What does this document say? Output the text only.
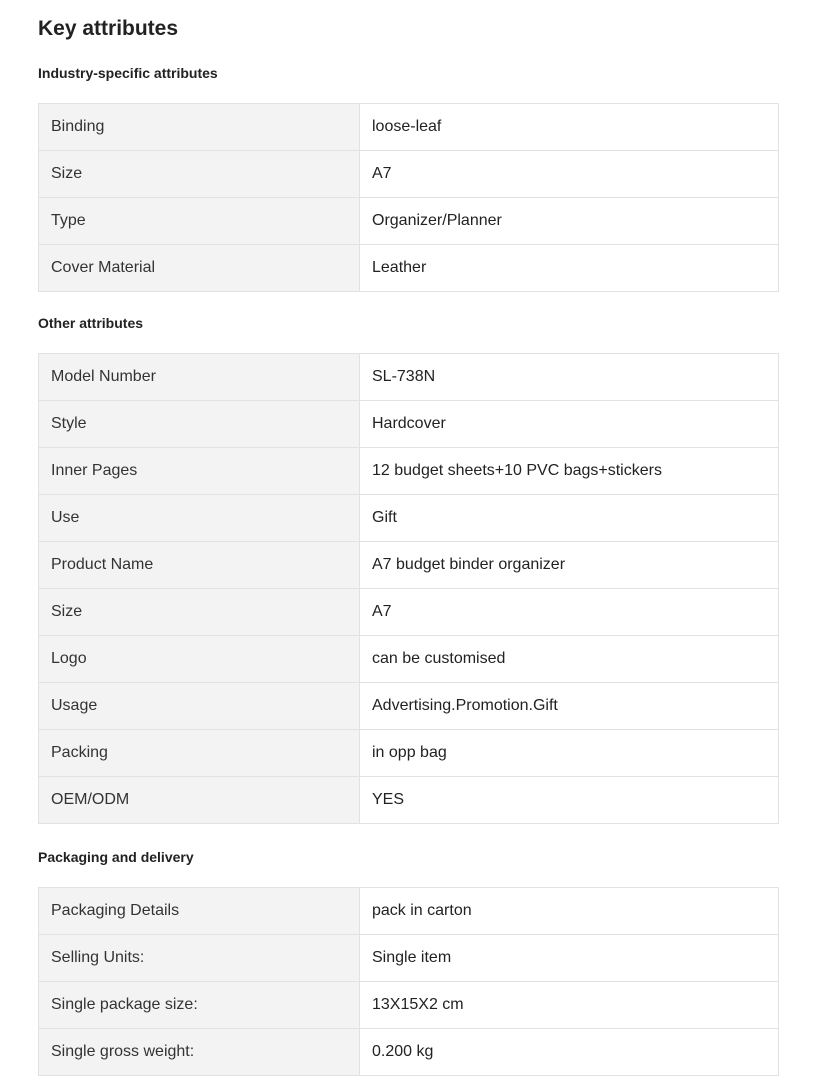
Key attributes
Industry-specific attributes
Binding	loose-leaf
Size	A7
Type	Organizer/Planner
Cover Material	Leather
Other attributes
Model Number	SL-738N
Style	Hardcover
Inner Pages	12 budget sheets+10 PVC bags+stickers
Use	Gift
Product Name	A7 budget binder organizer
Size	A7
Logo	can be customised
Usage	Advertising.Promotion.Gift
Packing	in opp bag
OEM/ODM	YES
Packaging and delivery
Packaging Details	pack in carton
Selling Units:	Single item
Single package size:	13X15X2 cm
Single gross weight:	0.200 kg
